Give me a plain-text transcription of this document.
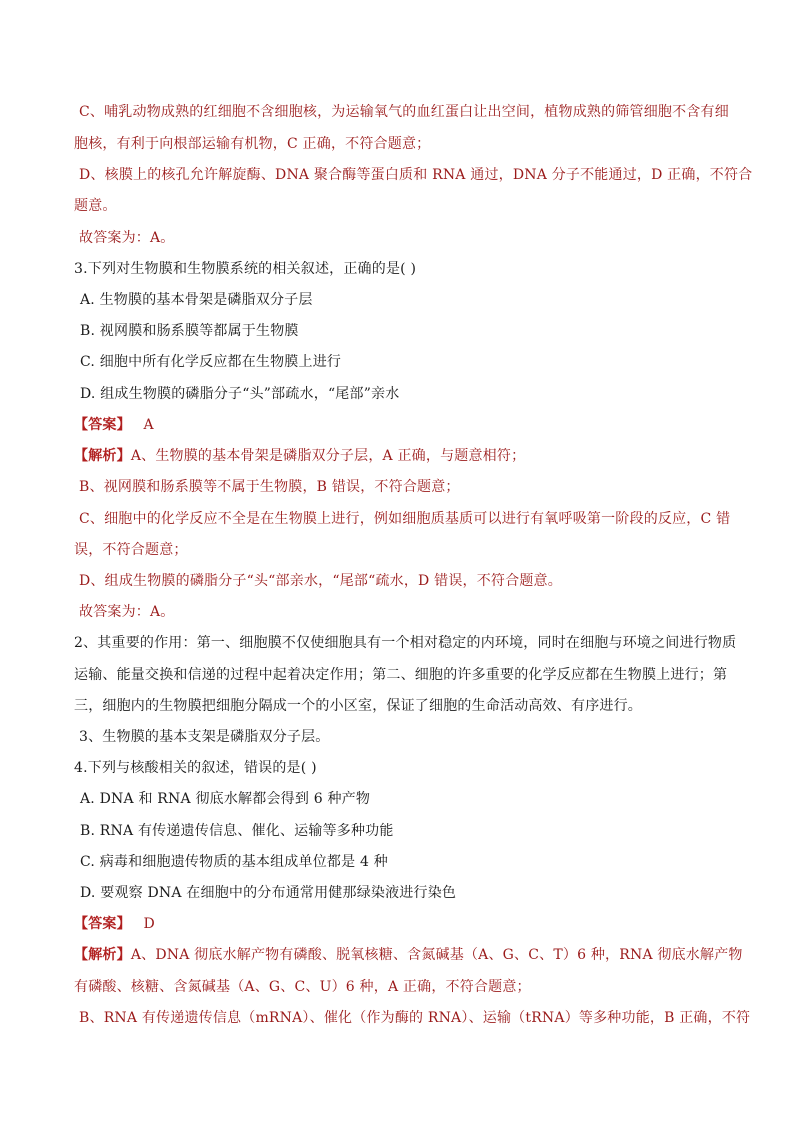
C、哺乳动物成熟的红细胞不含细胞核，为运输氧气的血红蛋白让出空间，植物成熟的筛管细胞不含有细
胞核，有利于向根部运输有机物，C 正确，不符合题意；
D、核膜上的核孔允许解旋酶、DNA 聚合酶等蛋白质和 RNA 通过，DNA 分子不能通过，D 正确，不符合
题意。
故答案为：A。
3.下列对生物膜和生物膜系统的相关叙述，正确的是( )
A. 生物膜的基本骨架是磷脂双分子层
B. 视网膜和肠系膜等都属于生物膜
C. 细胞中所有化学反应都在生物膜上进行
D. 组成生物膜的磷脂分子“头”部疏水，“尾部”亲水
【答案】 A
【解析】A、生物膜的基本骨架是磷脂双分子层，A 正确，与题意相符；
B、视网膜和肠系膜等不属于生物膜，B 错误，不符合题意；
C、细胞中的化学反应不全是在生物膜上进行，例如细胞质基质可以进行有氧呼吸第一阶段的反应，C 错
误，不符合题意；
D、组成生物膜的磷脂分子“头“部亲水，“尾部“疏水，D 错误，不符合题意。
故答案为：A。
2、其重要的作用：第一、细胞膜不仅使细胞具有一个相对稳定的内环境，同时在细胞与环境之间进行物质
运输、能量交换和信递的过程中起着决定作用；第二、细胞的许多重要的化学反应都在生物膜上进行；第
三，细胞内的生物膜把细胞分隔成一个的小区室，保证了细胞的生命活动高效、有序进行。
3、生物膜的基本支架是磷脂双分子层。
4.下列与核酸相关的叙述，错误的是( )
A. DNA 和 RNA 彻底水解都会得到 6 种产物
B. RNA 有传递遗传信息、催化、运输等多种功能
C. 病毒和细胞遗传物质的基本组成单位都是 4 种
D. 要观察 DNA 在细胞中的分布通常用健那绿染液进行染色
【答案】 D
【解析】A、DNA 彻底水解产物有磷酸、脱氧核糖、含氮碱基（A、G、C、T）6 种，RNA 彻底水解产物
有磷酸、核糖、含氮碱基（A、G、C、U）6 种，A 正确，不符合题意；
B、RNA 有传递遗传信息（mRNA）、催化（作为酶的 RNA）、运输（tRNA）等多种功能，B 正确，不符
